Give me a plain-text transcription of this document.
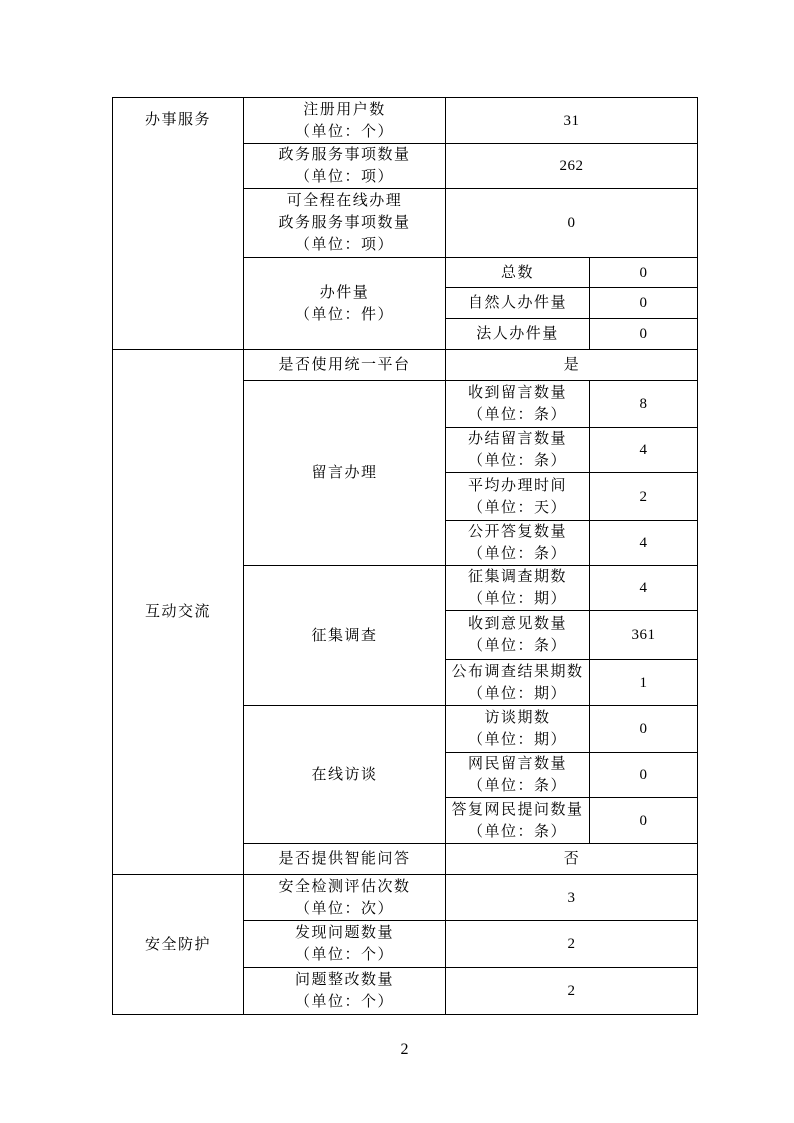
办事服务	注册用户数
（单位：个）	31	

	政务服务事项数量
（单位：项）	262	

	可全程在线办理
政务服务事项数量
（单位：项）	0	

	办件量
（单位：件）	总数	0
		自然人办件量	0
		法人办件量	0

互动交流	是否使用统一平台	是	

	留言办理	收到留言数量
（单位：条）	8

		办结留言数量
（单位：条）	4

		平均办理时间
（单位：天）	2

		公开答复数量
（单位：条）	4

	征集调查	征集调查期数
（单位：期）	4

		收到意见数量
（单位：条）	361

		公布调查结果期数
（单位：期）	1

	在线访谈	访谈期数
（单位：期）	0

		网民留言数量
（单位：条）	0

		答复网民提问数量
（单位：条）	0

	是否提供智能问答	否	

安全防护	安全检测评估次数
（单位：次）	3	

	发现问题数量
（单位：个）	2	

	问题整改数量
（单位：个）	2	
2
